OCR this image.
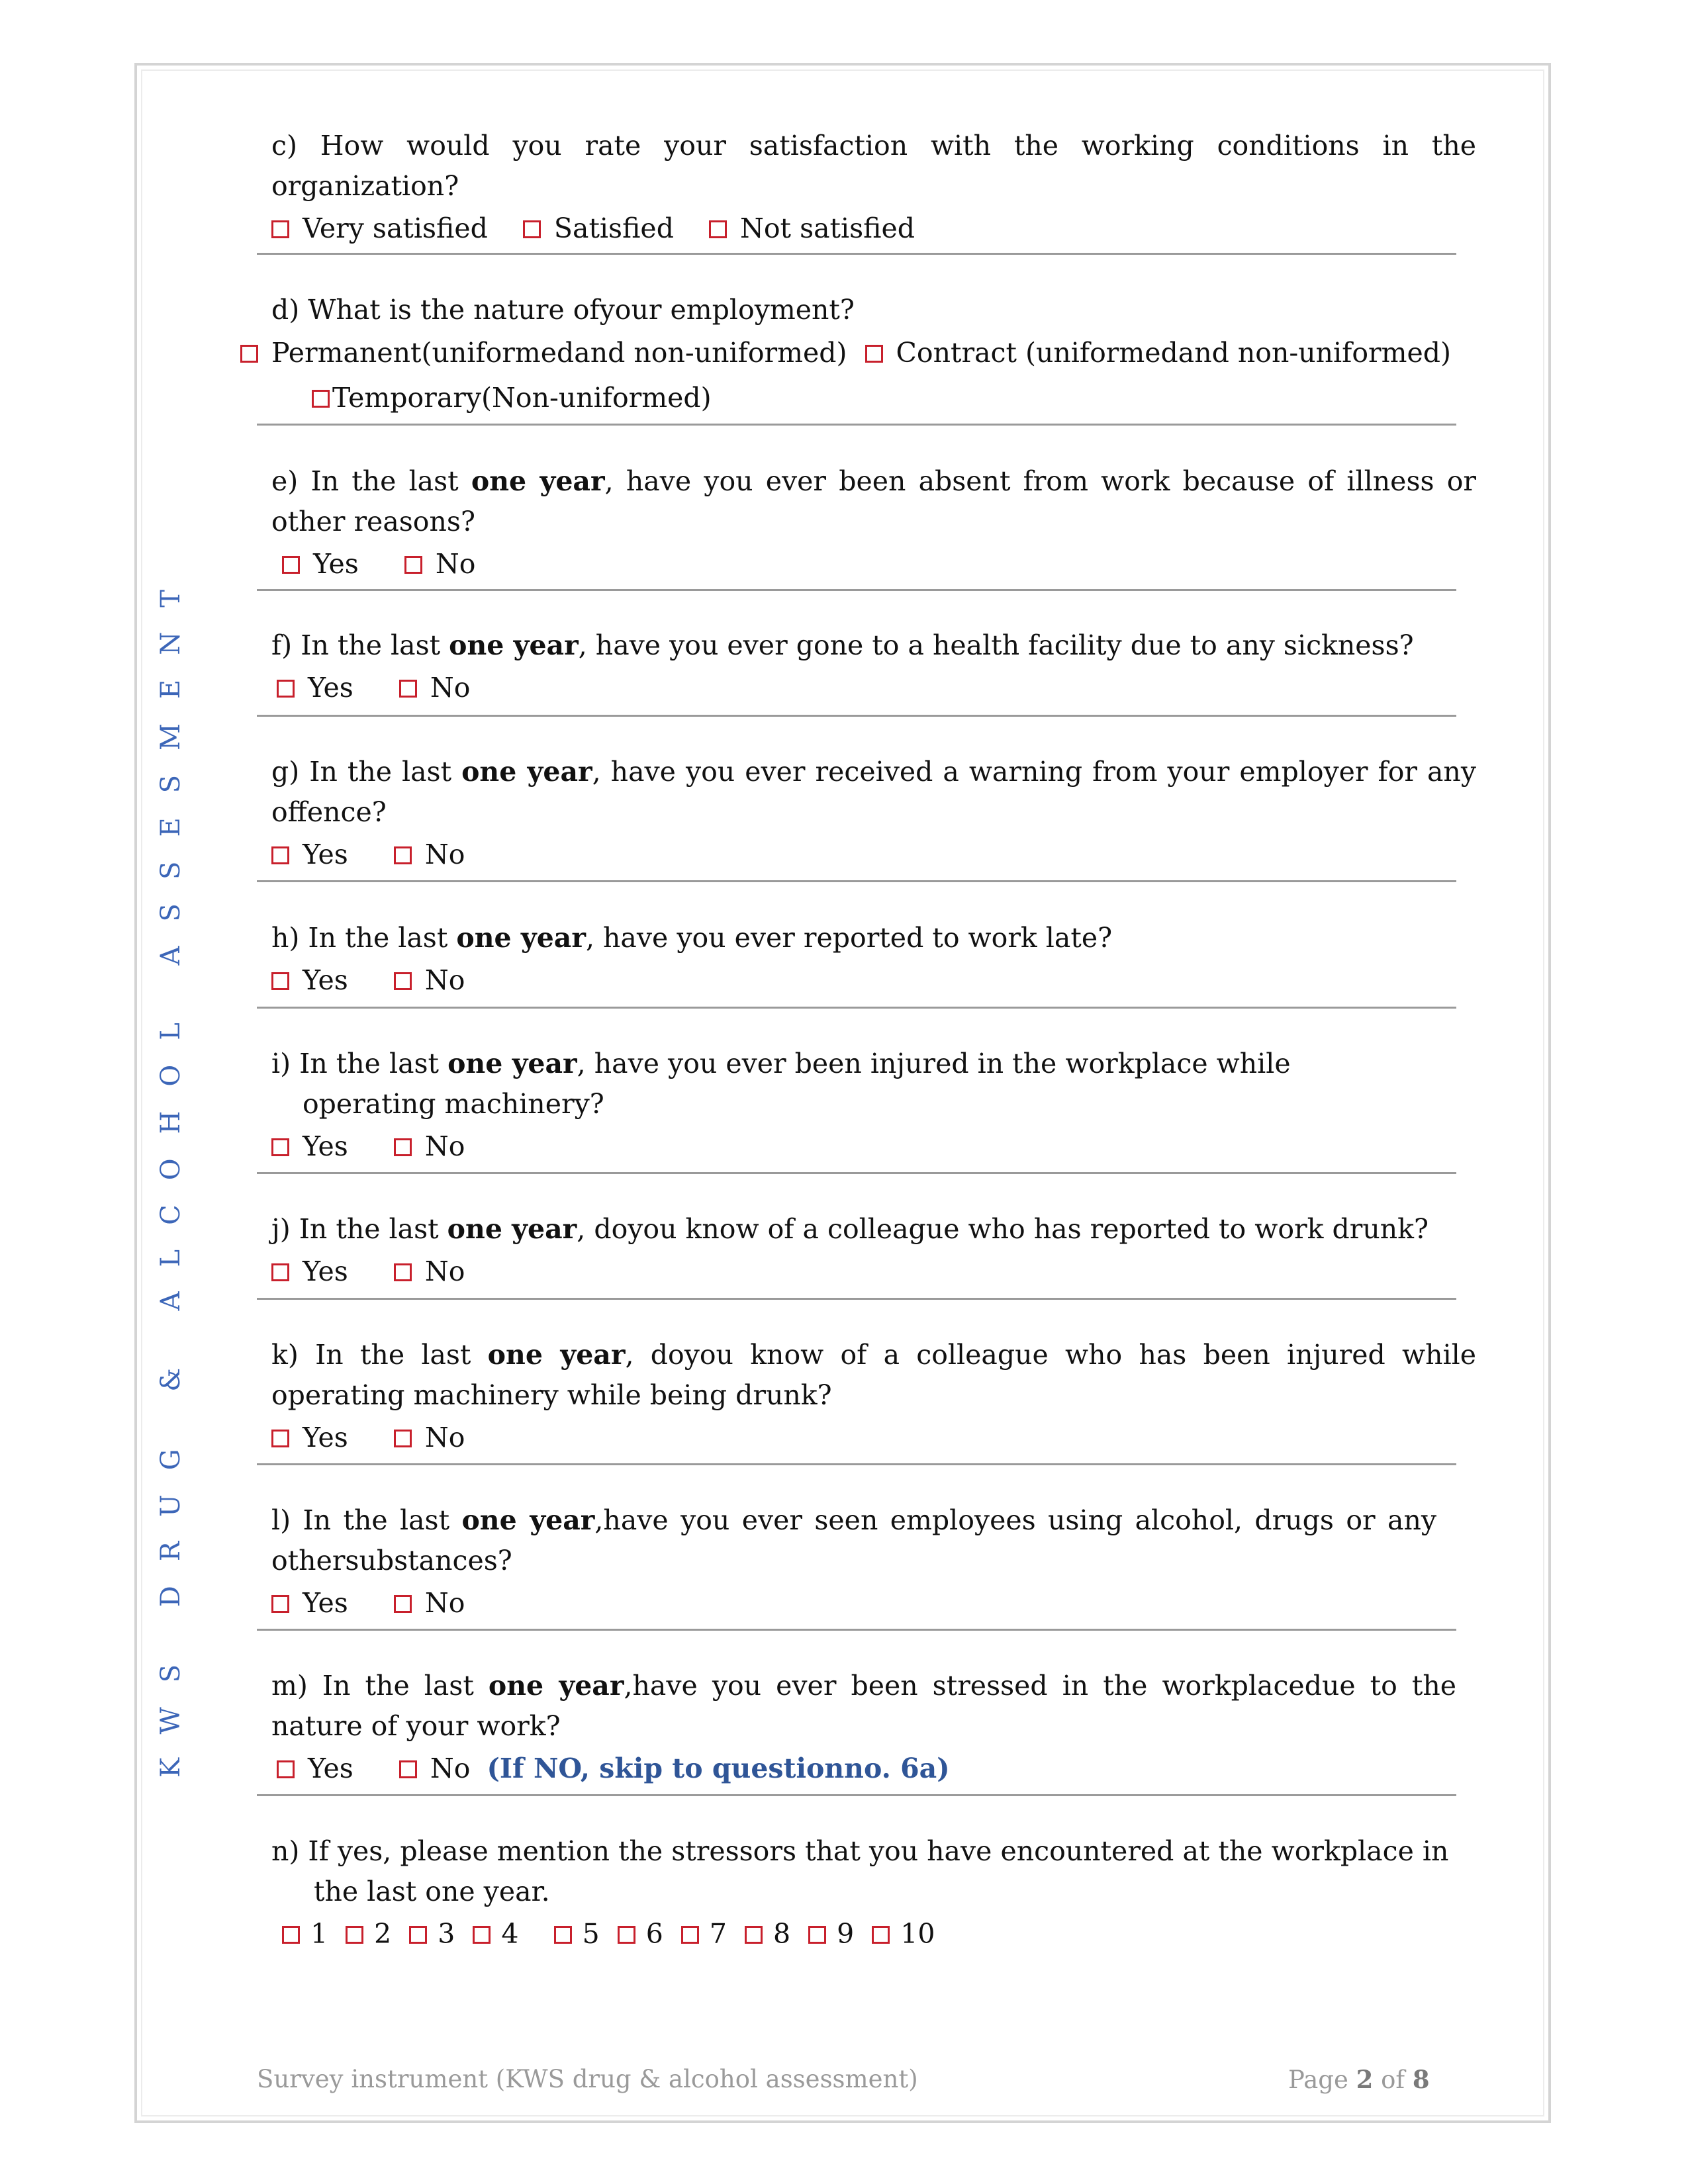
KWS DRUG & ALCOHOL ASSESMENT

c) How would you rate your satisfaction with the working conditions in the organization?

Very satisfied Satisfied Not satisfied

d) What is the nature ofyour employment?

Permanent(uniformedand non-uniformed) Contract (uniformedand non-uniformed) Temporary(Non-uniformed)

e) In the last one year, have you ever been absent from work because of illness or other reasons?

Yes	No

f) In the last one year, have you ever gone to a health facility due to any sickness?

Yes	No

g) In the last one year, have you ever received a warning from your employer for any offence?

Yes	No

h) In the last one year, have you ever reported to work late?

Yes	No

i) In the last one year, have you ever been injured in the workplace while operating machinery?

Yes	No

j) In the last one year, doyou know of a colleague who has reported to work drunk?

Yes	No

k) In the last one year, doyou know of a colleague who has been injured while operating machinery while being drunk?

Yes	No

l) In the last one year,have you ever seen employees using alcohol, drugs or any othersubstances?

Yes	No

m) In the last one year,have you ever been stressed in the workplacedue to the nature of your work?

Yes	No (If NO, skip to questionno. 6a)

n) If yes, please mention the stressors that you have encountered at the workplace in the last one year.

1 2 3 4 5 6 7 8 9 10
Survey instrument (KWS drug & alcohol assessment)	Page 2 of 8
